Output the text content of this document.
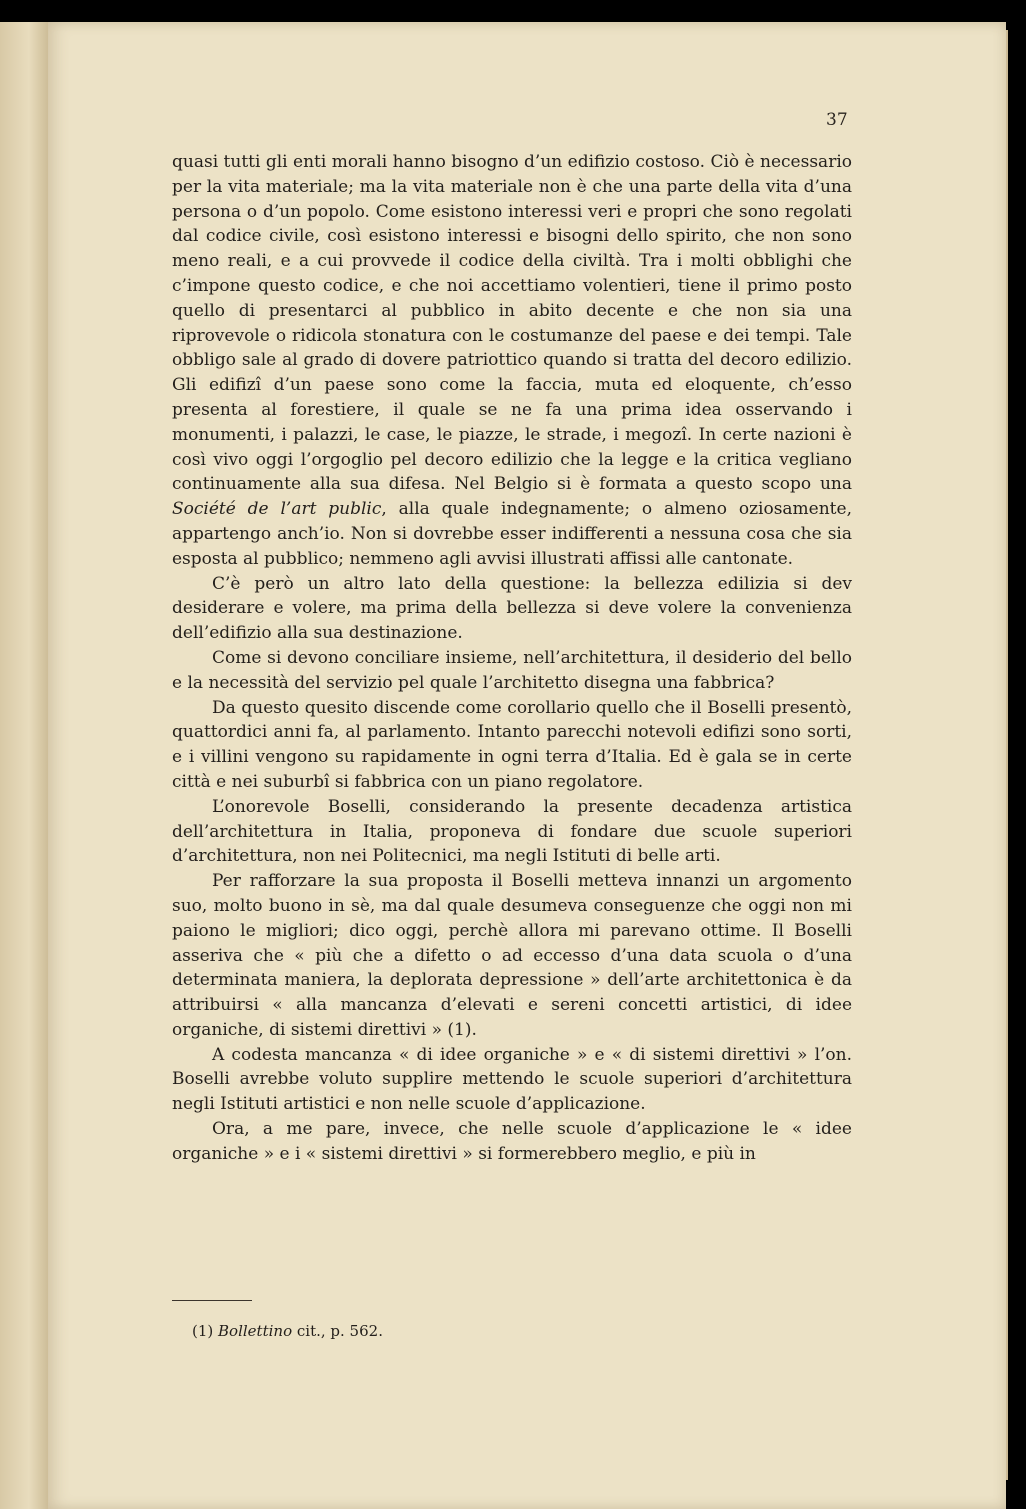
37

quasi tutti gli enti morali hanno bisogno d’un edifizio costoso. Ciò è necessario per la vita materiale; ma la vita materiale non è che una parte della vita d’una persona o d’un popolo. Come esistono interessi veri e propri che sono regolati dal codice civile, così esistono interessi e bisogni dello spirito, che non sono meno reali, e a cui provvede il codice della civiltà. Tra i molti obblighi che c’impone questo codice, e che noi accettiamo volentieri, tiene il primo posto quello di presentarci al pubblico in abito decente e che non sia una riprovevole o ridicola stonatura con le costumanze del paese e dei tempi. Tale obbligo sale al grado di dovere patriottico quando si tratta del decoro edilizio. Gli edifizî d’un paese sono come la faccia, muta ed eloquente, ch’esso presenta al forestiere, il quale se ne fa una prima idea osservando i monumenti, i palazzi, le case, le piazze, le strade, i megozî. In certe nazioni è così vivo oggi l’orgoglio pel decoro edilizio che la legge e la critica vegliano continuamente alla sua difesa. Nel Belgio si è formata a questo scopo una Société de l’art public, alla quale indegnamente; o almeno oziosamente, appartengo anch’io. Non si dovrebbe esser indifferenti a nessuna cosa che sia esposta al pubblico; nemmeno agli avvisi illustrati affissi alle cantonate.

C’è però un altro lato della questione: la bellezza edilizia si dev desiderare e volere, ma prima della bellezza si deve volere la convenienza dell’edifizio alla sua destinazione.

Come si devono conciliare insieme, nell’architettura, il desiderio del bello e la necessità del servizio pel quale l’architetto disegna una fabbrica?

Da questo quesito discende come corollario quello che il Boselli presentò, quattordici anni fa, al parlamento. Intanto parecchi notevoli edifizi sono sorti, e i villini vengono su rapidamente in ogni terra d’Italia. Ed è gala se in certe città e nei suburbî si fabbrica con un piano regolatore.

L’onorevole Boselli, considerando la presente decadenza artistica dell’architettura in Italia, proponeva di fondare due scuole superiori d’architettura, non nei Politecnici, ma negli Istituti di belle arti.

Per rafforzare la sua proposta il Boselli metteva innanzi un argomento suo, molto buono in sè, ma dal quale desumeva conseguenze che oggi non mi paiono le migliori; dico oggi, perchè allora mi parevano ottime. Il Boselli asseriva che « più che a difetto o ad eccesso d’una data scuola o d’una determinata maniera, la deplorata depressione » dell’arte architettonica è da attribuirsi « alla mancanza d’elevati e sereni concetti artistici, di idee organiche, di sistemi direttivi » (1).

A codesta mancanza « di idee organiche » e « di sistemi direttivi » l’on. Boselli avrebbe voluto supplire mettendo le scuole superiori d’architettura negli Istituti artistici e non nelle scuole d’applicazione.

Ora, a me pare, invece, che nelle scuole d’applicazione le « idee organiche » e i « sistemi direttivi » si formerebbero meglio, e più in

(1) Bollettino cit., p. 562.
